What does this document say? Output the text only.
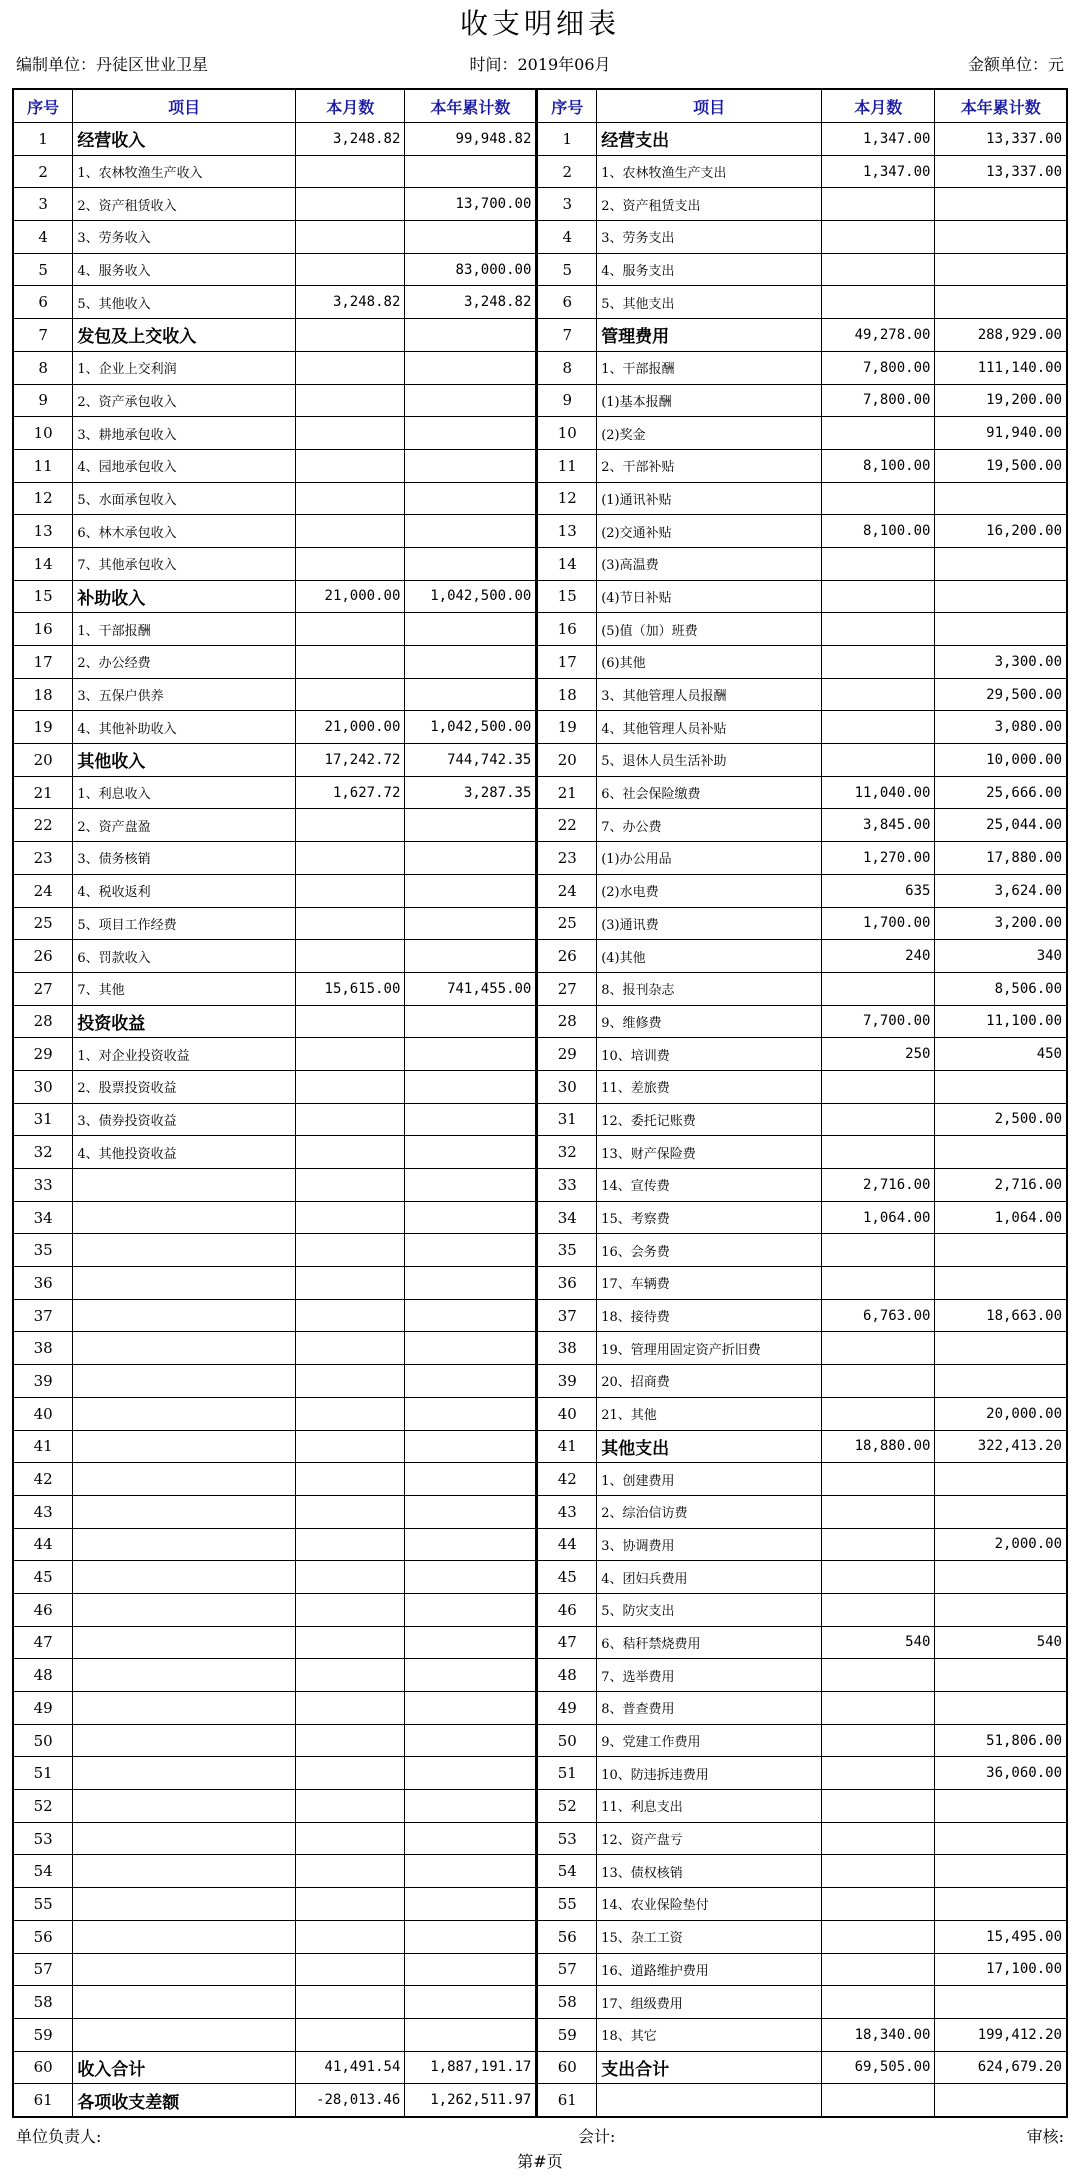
收支明细表
编制单位：丹徒区世业卫星	时间：2019年06月	金额单位：元
序号	项目	本月数	本年累计数	序号	项目	本月数	本年累计数
1	经营收入	3,248.82	99,948.82	1	经营支出	1,347.00	13,337.00
2	1、农林牧渔生产收入			2	1、农林牧渔生产支出	1,347.00	13,337.00
3	2、资产租赁收入		13,700.00	3	2、资产租赁支出		
4	3、劳务收入			4	3、劳务支出		
5	4、服务收入		83,000.00	5	4、服务支出		
6	5、其他收入	3,248.82	3,248.82	6	5、其他支出		
7	发包及上交收入			7	管理费用	49,278.00	288,929.00
8	1、企业上交利润			8	1、干部报酬	7,800.00	111,140.00
9	2、资产承包收入			9	(1)基本报酬	7,800.00	19,200.00
10	3、耕地承包收入			10	(2)奖金		91,940.00
11	4、园地承包收入			11	2、干部补贴	8,100.00	19,500.00
12	5、水面承包收入			12	(1)通讯补贴		
13	6、林木承包收入			13	(2)交通补贴	8,100.00	16,200.00
14	7、其他承包收入			14	(3)高温费		
15	补助收入	21,000.00	1,042,500.00	15	(4)节日补贴		
16	1、干部报酬			16	(5)值（加）班费		
17	2、办公经费			17	(6)其他		3,300.00
18	3、五保户供养			18	3、其他管理人员报酬		29,500.00
19	4、其他补助收入	21,000.00	1,042,500.00	19	4、其他管理人员补贴		3,080.00
20	其他收入	17,242.72	744,742.35	20	5、退休人员生活补助		10,000.00
21	1、利息收入	1,627.72	3,287.35	21	6、社会保险缴费	11,040.00	25,666.00
22	2、资产盘盈			22	7、办公费	3,845.00	25,044.00
23	3、债务核销			23	(1)办公用品	1,270.00	17,880.00
24	4、税收返利			24	(2)水电费	635	3,624.00
25	5、项目工作经费			25	(3)通讯费	1,700.00	3,200.00
26	6、罚款收入			26	(4)其他	240	340
27	7、其他	15,615.00	741,455.00	27	8、报刊杂志		8,506.00
28	投资收益			28	9、维修费	7,700.00	11,100.00
29	1、对企业投资收益			29	10、培训费	250	450
30	2、股票投资收益			30	11、差旅费		
31	3、债券投资收益			31	12、委托记账费		2,500.00
32	4、其他投资收益			32	13、财产保险费		
33				33	14、宣传费	2,716.00	2,716.00
34				34	15、考察费	1,064.00	1,064.00
35				35	16、会务费		
36				36	17、车辆费		
37				37	18、接待费	6,763.00	18,663.00
38				38	19、管理用固定资产折旧费		
39				39	20、招商费		
40				40	21、其他		20,000.00
41				41	其他支出	18,880.00	322,413.20
42				42	1、创建费用		
43				43	2、综治信访费		
44				44	3、协调费用		2,000.00
45				45	4、团妇兵费用		
46				46	5、防灾支出		
47				47	6、秸秆禁烧费用	540	540
48				48	7、选举费用		
49				49	8、普查费用		
50				50	9、党建工作费用		51,806.00
51				51	10、防违拆违费用		36,060.00
52				52	11、利息支出		
53				53	12、资产盘亏		
54				54	13、债权核销		
55				55	14、农业保险垫付		
56				56	15、杂工工资		15,495.00
57				57	16、道路维护费用		17,100.00
58				58	17、组级费用		
59				59	18、其它	18,340.00	199,412.20
60	收入合计	41,491.54	1,887,191.17	60	支出合计	69,505.00	624,679.20
61	各项收支差额	-28,013.46	1,262,511.97	61			
单位负责人:	会计:	审核:
第#页
